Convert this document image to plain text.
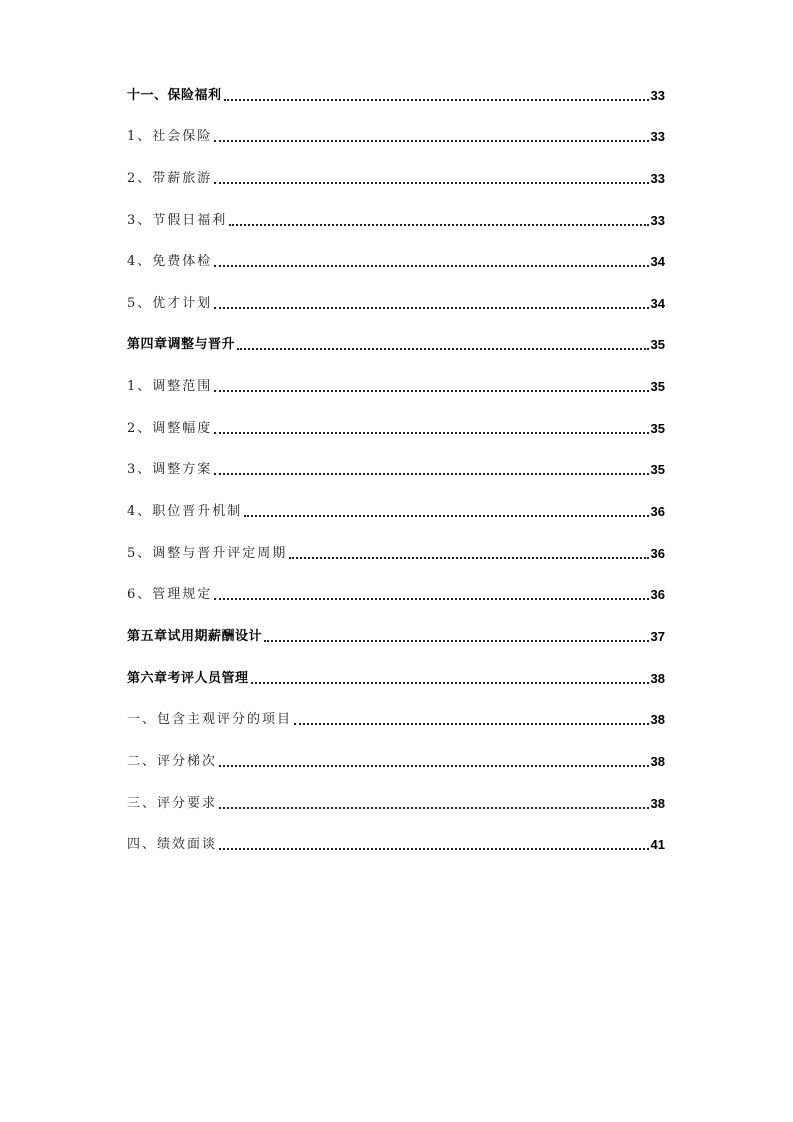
十一、保险福利	33
1、社会保险	33
2、带薪旅游	33
3、节假日福利	33
4、免费体检	34
5、优才计划	34
第四章调整与晋升	35
1、调整范围	35
2、调整幅度	35
3、调整方案	35
4、职位晋升机制	36
5、调整与晋升评定周期	36
6、管理规定	36
第五章试用期薪酬设计	37
第六章考评人员管理	38
一、包含主观评分的项目	38
二、评分梯次	38
三、评分要求	38
四、绩效面谈	41
